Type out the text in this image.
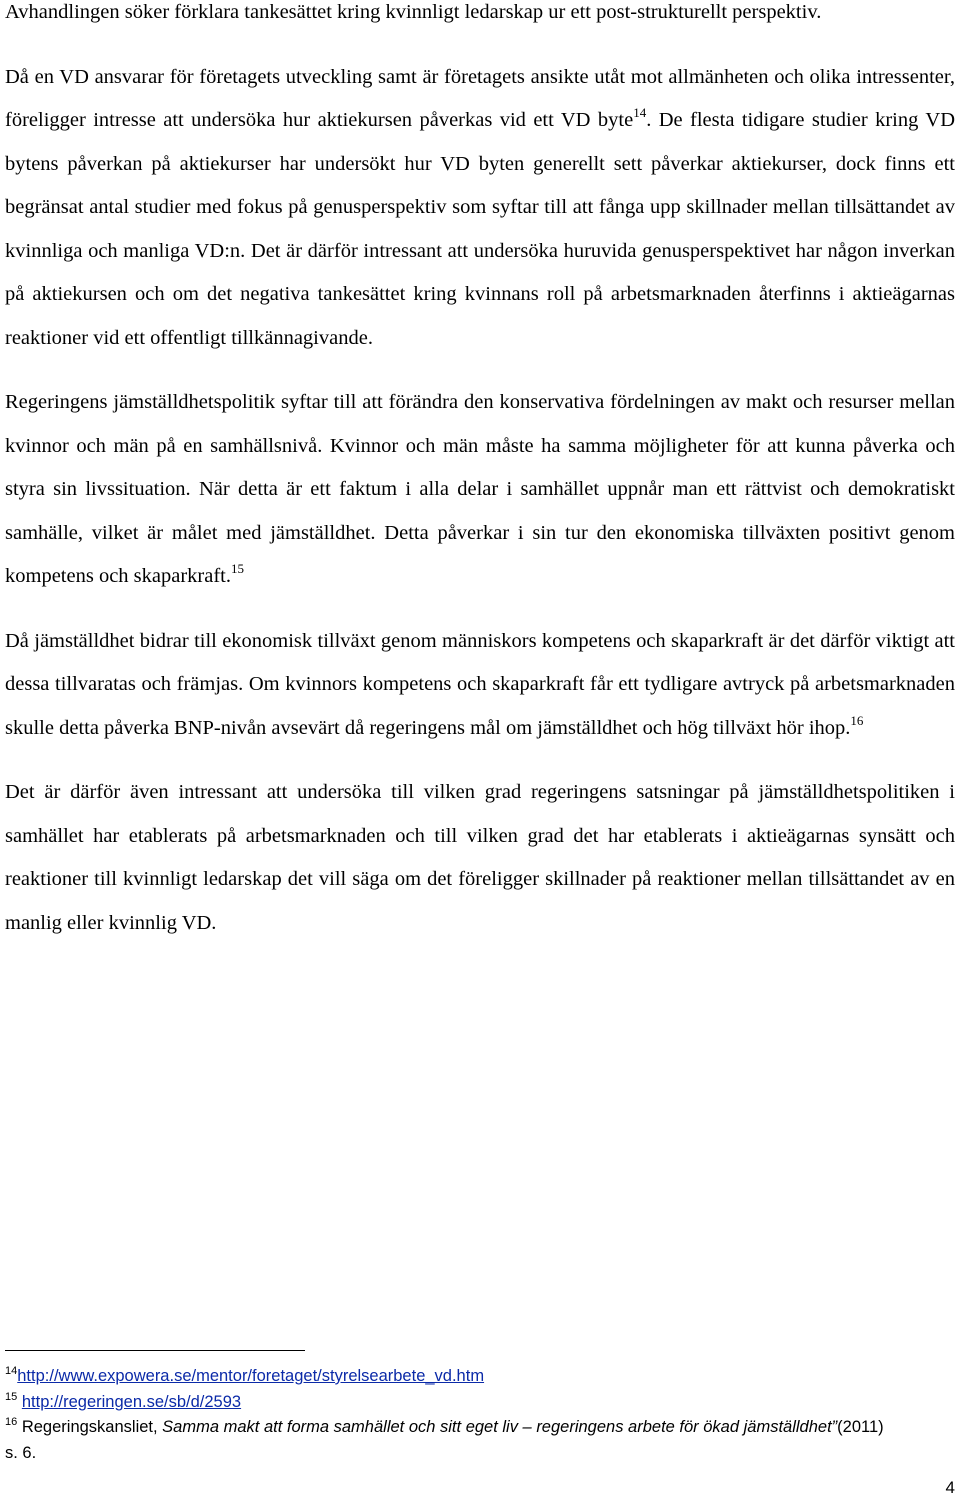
Avhandlingen söker förklara tankesättet kring kvinnligt ledarskap ur ett post-strukturellt perspektiv.

Då en VD ansvarar för företagets utveckling samt är företagets ansikte utåt mot allmänheten och olika intressenter, föreligger intresse att undersöka hur aktiekursen påverkas vid ett VD byte$^{14}$. De flesta tidigare studier kring VD bytens påverkan på aktiekurser har undersökt hur VD byten generellt sett påverkar aktiekurser, dock finns ett begränsat antal studier med fokus på genusperspektiv som syftar till att fånga upp skillnader mellan tillsättandet av kvinnliga och manliga VD:n. Det är därför intressant att undersöka huruvida genusperspektivet har någon inverkan på aktiekursen och om det negativa tankesättet kring kvinnans roll på arbetsmarknaden återfinns i aktieägarnas reaktioner vid ett offentligt tillkännagivande.

Regeringens jämställdhetspolitik syftar till att förändra den konservativa fördelningen av makt och resurser mellan kvinnor och män på en samhällsnivå. Kvinnor och män måste ha samma möjligheter för att kunna påverka och styra sin livssituation. När detta är ett faktum i alla delar i samhället uppnår man ett rättvist och demokratiskt samhälle, vilket är målet med jämställdhet. Detta påverkar i sin tur den ekonomiska tillväxten positivt genom kompetens och skaparkraft.$^{15}$

Då jämställdhet bidrar till ekonomisk tillväxt genom människors kompetens och skaparkraft är det därför viktigt att dessa tillvaratas och främjas. Om kvinnors kompetens och skaparkraft får ett tydligare avtryck på arbetsmarknaden skulle detta påverka BNP-nivån avsevärt då regeringens mål om jämställdhet och hög tillväxt hör ihop.$^{16}$

Det är därför även intressant att undersöka till vilken grad regeringens satsningar på jämställdhetspolitiken i samhället har etablerats på arbetsmarknaden och till vilken grad det har etablerats i aktieägarnas synsätt och reaktioner till kvinnligt ledarskap det vill säga om det föreligger skillnader på reaktioner mellan tillsättandet av en manlig eller kvinnlig VD.

$^{14}$http://www.expowera.se/mentor/foretaget/styrelsearbete_vd.htm

$^{15}$ http://regeringen.se/sb/d/2593

$^{16}$ Regeringskansliet, Samma makt att forma samhället och sitt eget liv – regeringens arbete för ökad jämställdhet”(2011) s. 6.

4
